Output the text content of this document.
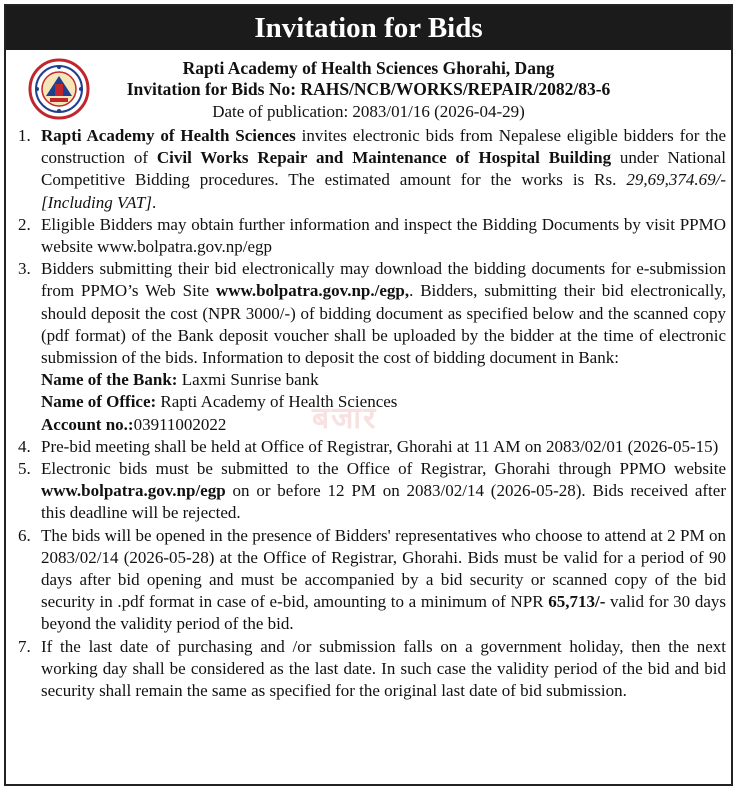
Invitation for Bids
Rapti Academy of Health Sciences Ghorahi, Dang
Invitation for Bids No: RAHS/NCB/WORKS/REPAIR/2082/83-6
Date of publication: 2083/01/16 (2026-04-29)
1. Rapti Academy of Health Sciences invites electronic bids from Nepalese eligible bidders for the construction of Civil Works Repair and Maintenance of Hospital Building under National Competitive Bidding procedures. The estimated amount for the works is Rs. 29,69,374.69/- [Including VAT].
2. Eligible Bidders may obtain further information and inspect the Bidding Documents by visit PPMO website www.bolpatra.gov.np/egp
3. Bidders submitting their bid electronically may download the bidding documents for e-submission from PPMO’s Web Site www.bolpatra.gov.np./egp,. Bidders, submitting their bid electronically, should deposit the cost (NPR 3000/-) of bidding document as specified below and the scanned copy (pdf format) of the Bank deposit voucher shall be uploaded by the bidder at the time of electronic submission of the bids. Information to deposit the cost of bidding document in Bank:
Name of the Bank: Laxmi Sunrise bank
Name of Office: Rapti Academy of Health Sciences
Account no.:03911002022
4. Pre-bid meeting shall be held at Office of Registrar, Ghorahi at 11 AM on 2083/02/01 (2026-05-15)
5. Electronic bids must be submitted to the Office of Registrar, Ghorahi through PPMO website www.bolpatra.gov.np/egp on or before 12 PM on 2083/02/14 (2026-05-28). Bids received after this deadline will be rejected.
6. The bids will be opened in the presence of Bidders' representatives who choose to attend at 2 PM on 2083/02/14 (2026-05-28) at the Office of Registrar, Ghorahi. Bids must be valid for a period of 90 days after bid opening and must be accompanied by a bid security or scanned copy of the bid security in .pdf format in case of e-bid, amounting to a minimum of NPR 65,713/- valid for 30 days beyond the validity period of the bid.
7. If the last date of purchasing and /or submission falls on a government holiday, then the next working day shall be considered as the last date. In such case the validity period of the bid and bid security shall remain the same as specified for the original last date of bid submission.
बजार
